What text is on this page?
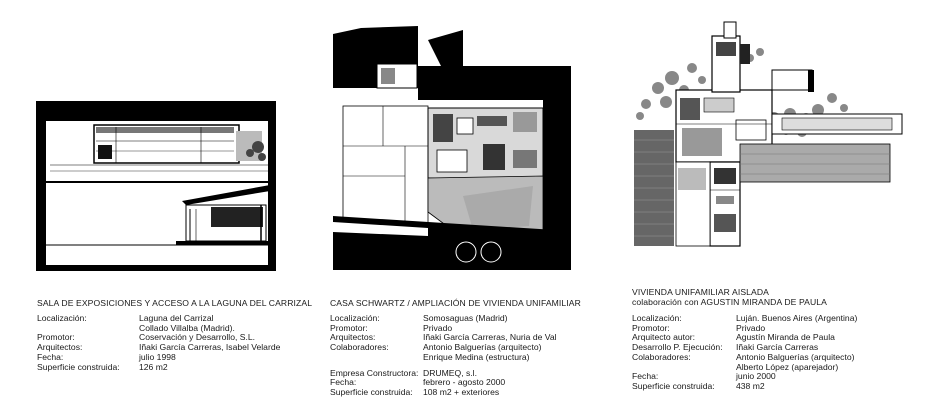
SALA DE EXPOSICIONES Y ACCESO A LA LAGUNA DEL CARRIZAL
Localización:	Laguna del Carrizal
Collado Villalba (Madrid).
Promotor:	Coservación y Desarrollo, S.L.
Arquitectos:	Iñaki García Carreras, Isabel Velarde
Fecha:	julio 1998
Superficie construida:	126 m2
CASA SCHWARTZ / AMPLIACIÓN DE VIVIENDA UNIFAMILIAR
Localización:	Somosaguas (Madrid)
Promotor:	Privado
Arquitectos:	Iñaki García Carreras, Nuria de Val
Colaboradores:	Antonio Balguerías (arquitecto)
Enrique Medina (estructura)
Empresa Constructora: DRUMEQ, s.l.
Fecha:	febrero - agosto 2000
Superficie construida:	108 m2 + exteriores
VIVIENDA UNIFAMILIAR AISLADA
colaboración con AGUSTIN MIRANDA DE PAULA
Localización:	Luján. Buenos Aires (Argentina)
Promotor:	Privado
Arquitecto autor:	Agustín Miranda de Paula
Desarrollo P. Ejecución:	Iñaki García Carreras
Colaboradores:	Antonio Balguerías (arquitecto)
Alberto López (aparejador)
Fecha:	junio 2000
Superficie construida:	438 m2
